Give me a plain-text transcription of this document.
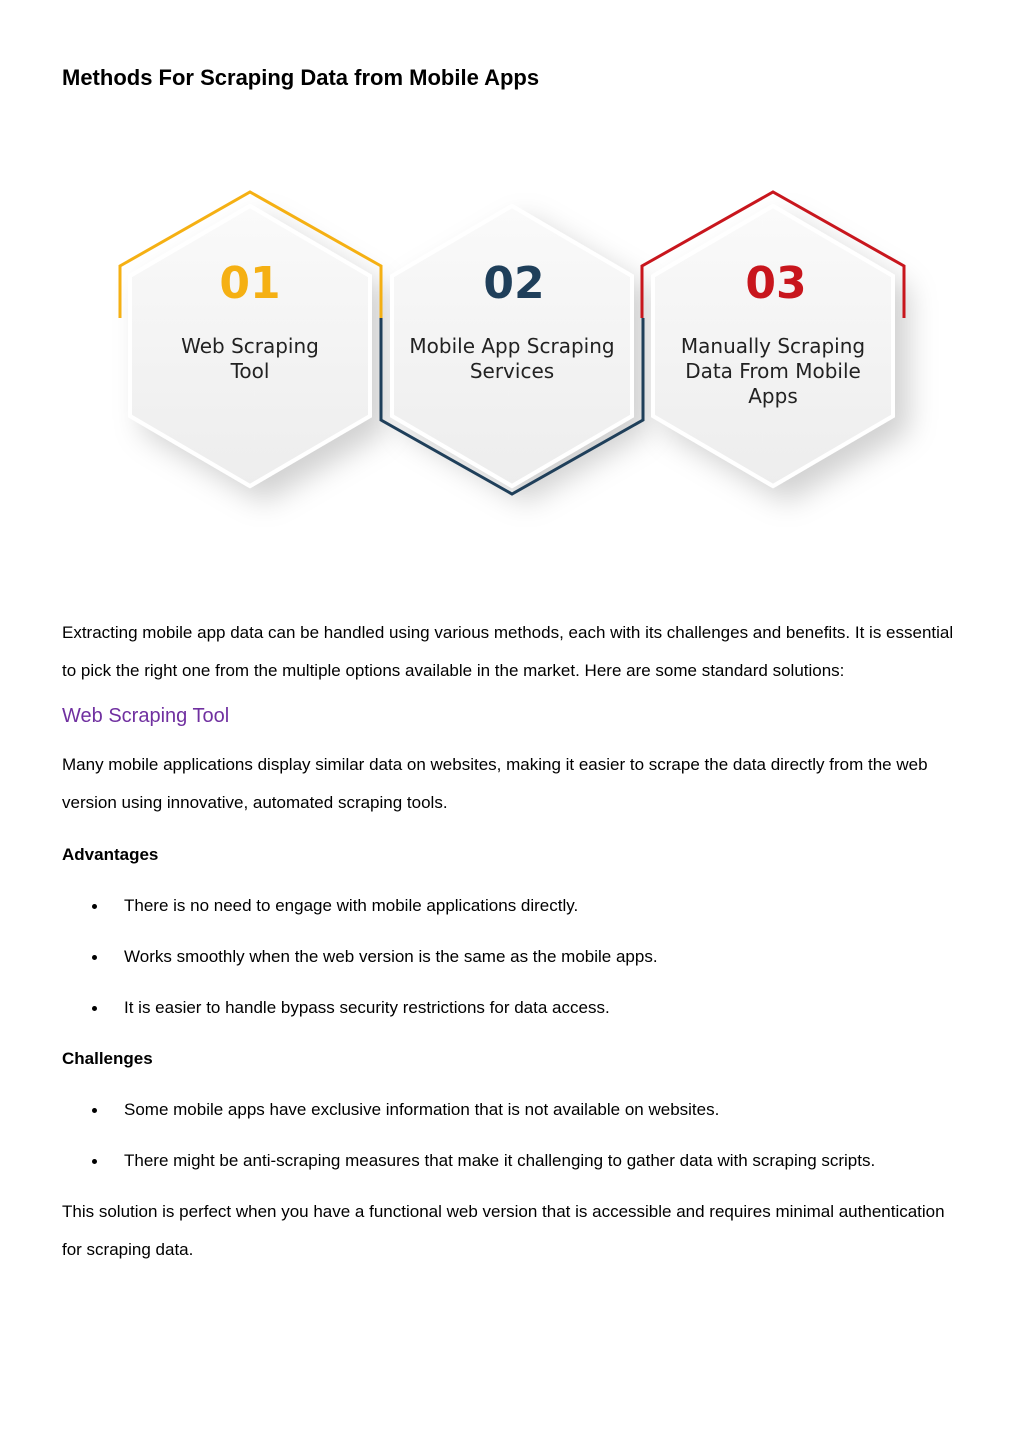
Methods For Scraping Data from Mobile Apps
01
Web Scraping
Tool
02
Mobile App Scraping
Services
03
Manually Scraping
Data From Mobile
Apps

Extracting mobile app data can be handled using various methods, each with its challenges and benefits. It is essential to pick the right one from the multiple options available in the market. Here are some standard solutions:

Web Scraping Tool

Many mobile applications display similar data on websites, making it easier to scrape the data directly from the web version using innovative, automated scraping tools.

Advantages
There is no need to engage with mobile applications directly.
Works smoothly when the web version is the same as the mobile apps.
It is easier to handle bypass security restrictions for data access.
Challenges
Some mobile apps have exclusive information that is not available on websites.
There might be anti-scraping measures that make it challenging to gather data with scraping scripts.

This solution is perfect when you have a functional web version that is accessible and requires minimal authentication for scraping data.
